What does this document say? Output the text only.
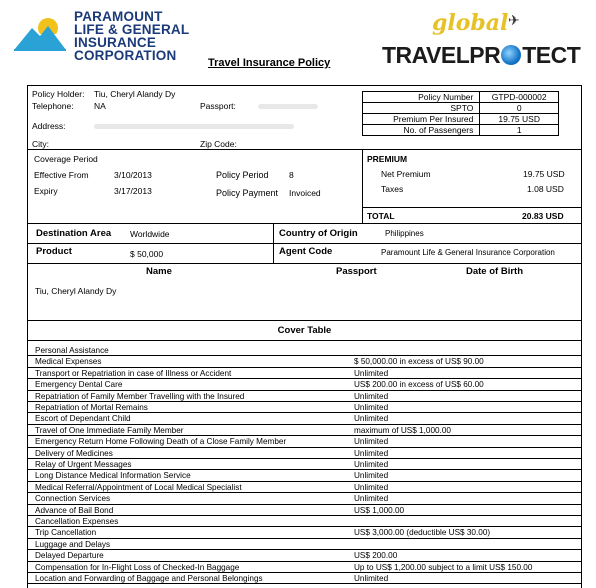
PARAMOUNT
LIFE & GENERAL
INSURANCE
CORPORATION	Travel Insurance Policy
global ✈
TRAVELPR TECT
Policy Holder: Tiu, Cheryl Alandy Dy
Telephone: NA	Passport:
Address:
City:	Zip Code:
Policy Number	GTPD-000002
SPTO	0
Premium Per Insured	19.75 USD
No. of Passengers	1
Coverage Period
Effective From	3/10/2013
Expiry	3/17/2013
Policy Period 8
Policy Payment Invoiced
PREMIUM
Net Premium	19.75 USD
Taxes	1.08 USD
TOTAL	20.83 USD
Destination Area Worldwide	Country of Origin	Philippines
Product	$ 50,000	Agent Code	Paramount Life & General Insurance Corporation
Name	Passport	Date of Birth
Tiu, Cheryl Alandy Dy
Cover Table
Personal Assistance
Medical Expenses	$ 50,000.00 in excess of US$ 90.00
Transport or Repatriation in case of Illness or Accident	Unlimited
Emergency Dental Care	US$ 200.00 in excess of US$ 60.00
Repatriation of Family Member Travelling with the Insured	Unlimited
Repatriation of Mortal Remains	Unlimited
Escort of Dependant Child	Unlimited
Travel of One Immediate Family Member	maximum of US$ 1,000.00
Emergency Return Home Following Death of a Close Family Member	Unlimited
Delivery of Medicines	Unlimited
Relay of Urgent Messages	Unlimited
Long Distance Medical Information Service	Unlimited
Medical Referral/Appointment of Local Medical Specialist	Unlimited
Connection Services	Unlimited
Advance of Bail Bond	US$ 1,000.00
Cancellation Expenses
Trip Cancellation	US$ 3,000.00 (deductible US$ 30.00)
Luggage and Delays
Delayed Departure	US$ 200.00
Compensation for In-Flight Loss of Checked-In Baggage	Up to US$ 1,200.00 subject to a limit US$ 150.00
Location and Forwarding of Baggage and Personal Belongings	Unlimited
